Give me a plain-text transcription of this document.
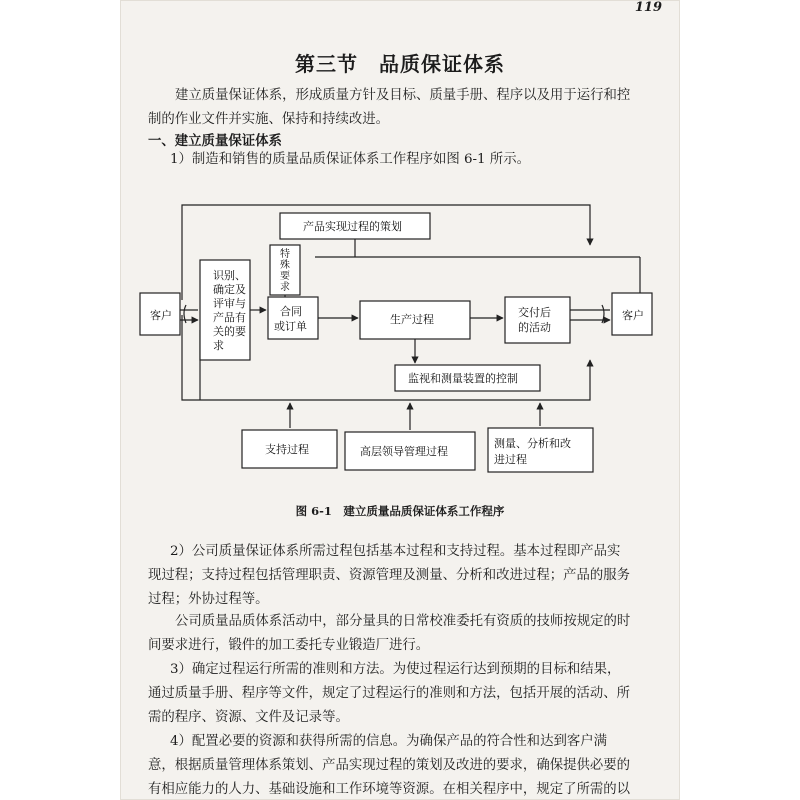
119
第三节　品质保证体系
建立质量保证体系，形成质量方针及目标、质量手册、程序以及用于运行和控
制的作业文件并实施、保持和持续改进。
一、建立质量保证体系
1）制造和销售的质量品质保证体系工作程序如图 6-1 所示。
客户	客户
识别、
确定及
评审与
产品有
关的要
求
产品实现过程的策划
特
殊
要
求
合同
或订单
生产过程
交付后
的活动
监视和测量装置的控制
支持过程	高层领导管理过程
测量、分析和改
进过程
图 6-1　建立质量品质保证体系工作程序
2）公司质量保证体系所需过程包括基本过程和支持过程。基本过程即产品实
现过程；支持过程包括管理职责、资源管理及测量、分析和改进过程；产品的服务
过程；外协过程等。
公司质量品质体系活动中，部分量具的日常校准委托有资质的技师按规定的时
间要求进行，锻件的加工委托专业锻造厂进行。
3）确定过程运行所需的准则和方法。为使过程运行达到预期的目标和结果，
通过质量手册、程序等文件，规定了过程运行的准则和方法，包括开展的活动、所
需的程序、资源、文件及记录等。
4）配置必要的资源和获得所需的信息。为确保产品的符合性和达到客户满
意，根据质量管理体系策划、产品实现过程的策划及改进的要求，确保提供必要的
有相应能力的人力、基础设施和工作环境等资源。在相关程序中，规定了所需的以
